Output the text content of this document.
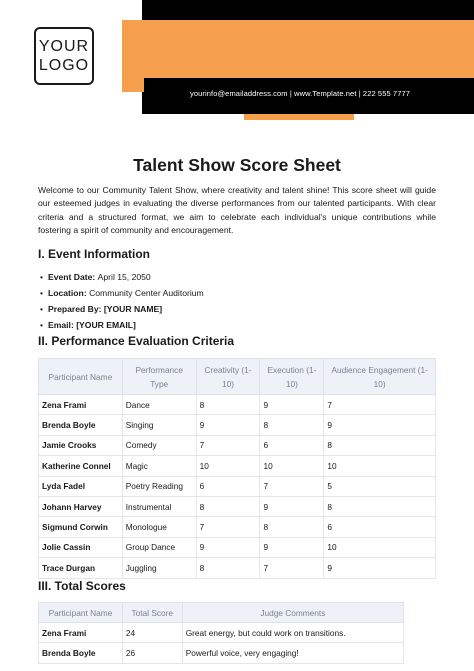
YOUR
LOGO
yourinfo@emailaddress.com | www.Template.net | 222 555 7777
Talent Show Score Sheet

Welcome to our Community Talent Show, where creativity and talent shine! This score sheet will guide our esteemed judges in evaluating the diverse performances from our talented participants. With clear criteria and a structured format, we aim to celebrate each individual's unique contributions while fostering a spirit of community and encouragement.

I. Event Information
• Event Date: April 15, 2050
• Location: Community Center Auditorium
• Prepared By: [YOUR NAME]
• Email: [YOUR EMAIL]
II. Performance Evaluation Criteria
Participant Name	Performance Type	Creativity (1-10)	Execution (1-10)	Audience Engagement (1-10)
Zena Frami	Dance	8	9	7
Brenda Boyle	Singing	9	8	9
Jamie Crooks	Comedy	7	6	8
Katherine Connel	Magic	10	10	10
Lyda Fadel	Poetry Reading	6	7	5
Johann Harvey	Instrumental	8	9	8
Sigmund Corwin	Monologue	7	8	6
Jolie Cassin	Group Dance	9	9	10
Trace Durgan	Juggling	8	7	9
III. Total Scores
Participant Name	Total Score	Judge Comments
Zena Frami	24	Great energy, but could work on transitions.
Brenda Boyle	26	Powerful voice, very engaging!
